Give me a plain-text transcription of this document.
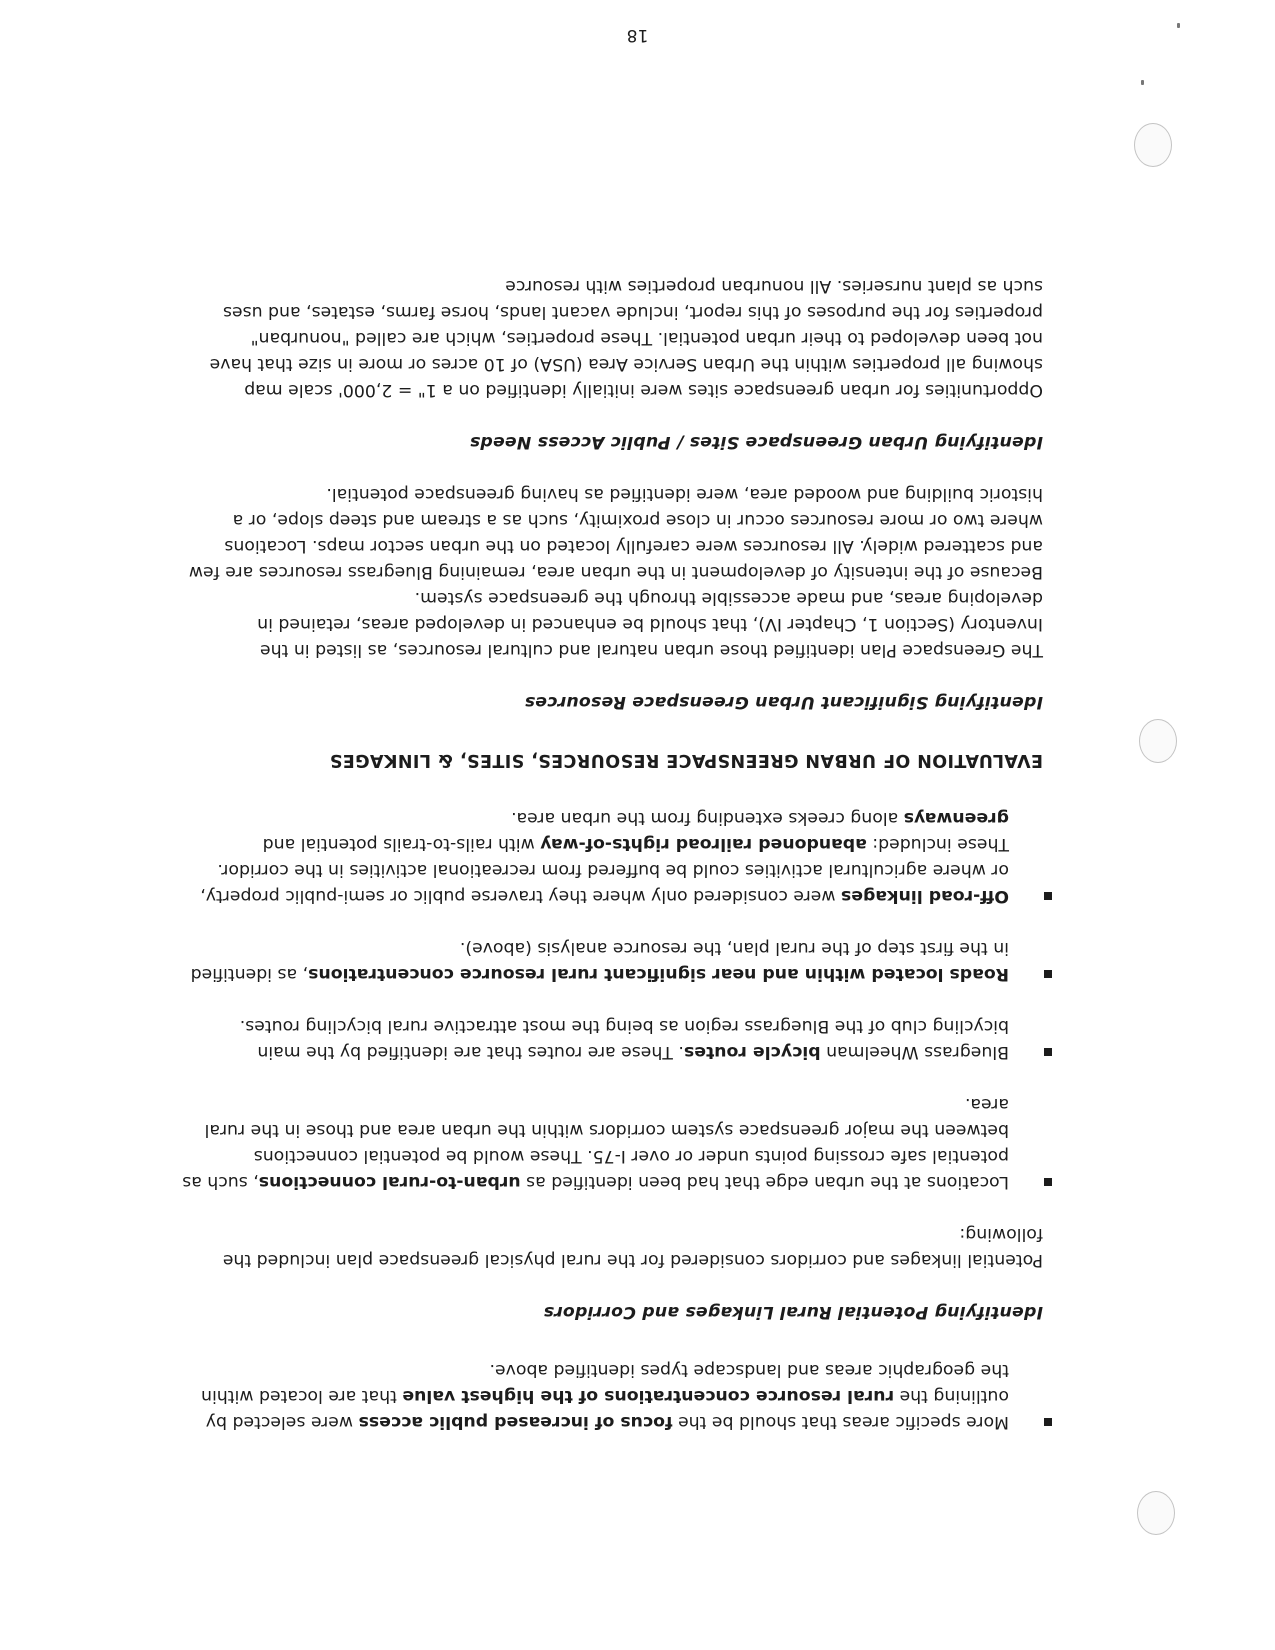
More specific areas that should be the focus of increased public access were selected by outlining the rural resource concentrations of the highest value that are located within the geographic areas and landscape types identified above.

Identifying Potential Rural Linkages and Corridors

Potential linkages and corridors considered for the rural physical greenspace plan included the following:

Locations at the urban edge that had been identified as urban-to-rural connections, such as potential safe crossing points under or over I-75. These would be potential connections between the major greenspace system corridors within the urban area and those in the rural area.

Bluegrass Wheelman bicycle routes. These are routes that are identified by the main bicycling club of the Bluegrass region as being the most attractive rural bicycling routes.

Roads located within and near significant rural resource concentrations, as identified in the first step of the rural plan, the resource analysis (above).

Off-road linkages were considered only where they traverse public or semi-public property, or where agricultural activities could be buffered from recreational activities in the corridor. These included: abandoned railroad rights-of-way with rails-to-trails potential and greenways along creeks extending from the urban area.

EVALUATION OF URBAN GREENSPACE RESOURCES, SITES, & LINKAGES

Identifying Significant Urban Greenspace Resources

The Greenspace Plan identified those urban natural and cultural resources, as listed in the Inventory (Section 1, Chapter IV), that should be enhanced in developed areas, retained in developing areas, and made accessible through the greenspace system.

Because of the intensity of development in the urban area, remaining Bluegrass resources are few and scattered widely. All resources were carefully located on the urban sector maps. Locations where two or more resources occur in close proximity, such as a stream and steep slope, or a historic building and wooded area, were identified as having greenspace potential.

Identifying Urban Greenspace Sites / Public Access Needs

Opportunities for urban greenspace sites were initially identified on a 1" = 2,000' scale map showing all properties within the Urban Service Area (USA) of 10 acres or more in size that have not been developed to their urban potential. These properties, which are called "nonurban" properties for the purposes of this report, include vacant lands, horse farms, estates, and uses such as plant nurseries. All nonurban properties with resource

18
